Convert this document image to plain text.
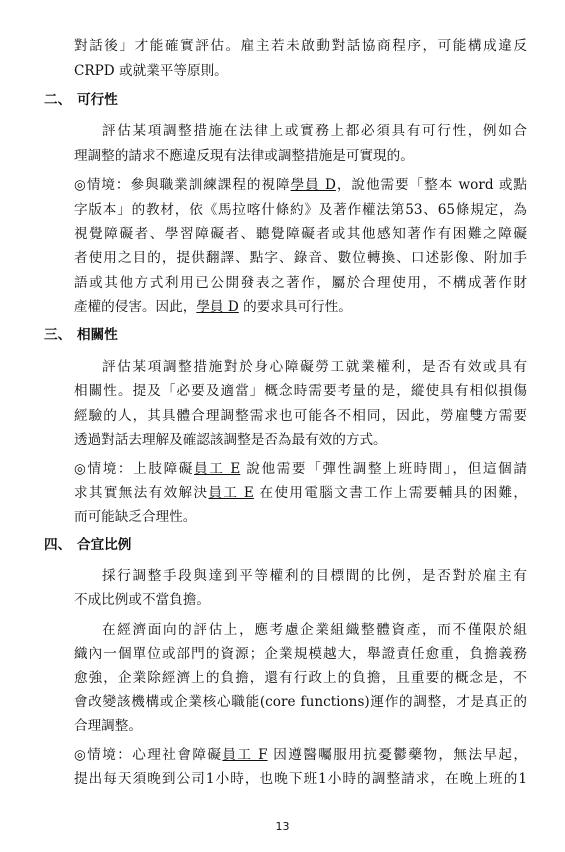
對話後」才能確實評估。雇主若未啟動對話協商程序，可能構成違反
CRPD 或就業平等原則。
二、 可行性
評估某項調整措施在法律上或實務上都必須具有可行性，例如合
理調整的請求不應違反現有法律或調整措施是可實現的。
◎情境：參與職業訓練課程的視障學員 D，說他需要「整本 word 或點
字版本」的教材，依《馬拉喀什條約》及著作權法第53、65條規定，為
視覺障礙者、學習障礙者、聽覺障礙者或其他感知著作有困難之障礙
者使用之目的，提供翻譯、點字、錄音、數位轉換、口述影像、附加手
語或其他方式利用已公開發表之著作，屬於合理使用，不構成著作財
產權的侵害。因此，學員 D 的要求具可行性。
三、 相關性
評估某項調整措施對於身心障礙勞工就業權利，是否有效或具有
相關性。提及「必要及適當」概念時需要考量的是，縱使具有相似損傷
經驗的人，其具體合理調整需求也可能各不相同，因此，勞雇雙方需要
透過對話去理解及確認該調整是否為最有效的方式。
◎情境：上肢障礙員工 E 說他需要「彈性調整上班時間」，但這個請
求其實無法有效解決員工 E 在使用電腦文書工作上需要輔具的困難，
而可能缺乏合理性。
四、 合宜比例
採行調整手段與達到平等權利的目標間的比例，是否對於雇主有
不成比例或不當負擔。
在經濟面向的評估上，應考慮企業組織整體資產，而不僅限於組
織內一個單位或部門的資源；企業規模越大，舉證責任愈重，負擔義務
愈強，企業除經濟上的負擔，還有行政上的負擔，且重要的概念是，不
會改變該機構或企業核心職能(core functions)運作的調整，才是真正的
合理調整。
◎情境：心理社會障礙員工 F 因遵醫囑服用抗憂鬱藥物，無法早起，
提出每天須晚到公司1小時，也晚下班1小時的調整請求，在晚上班的1
13
